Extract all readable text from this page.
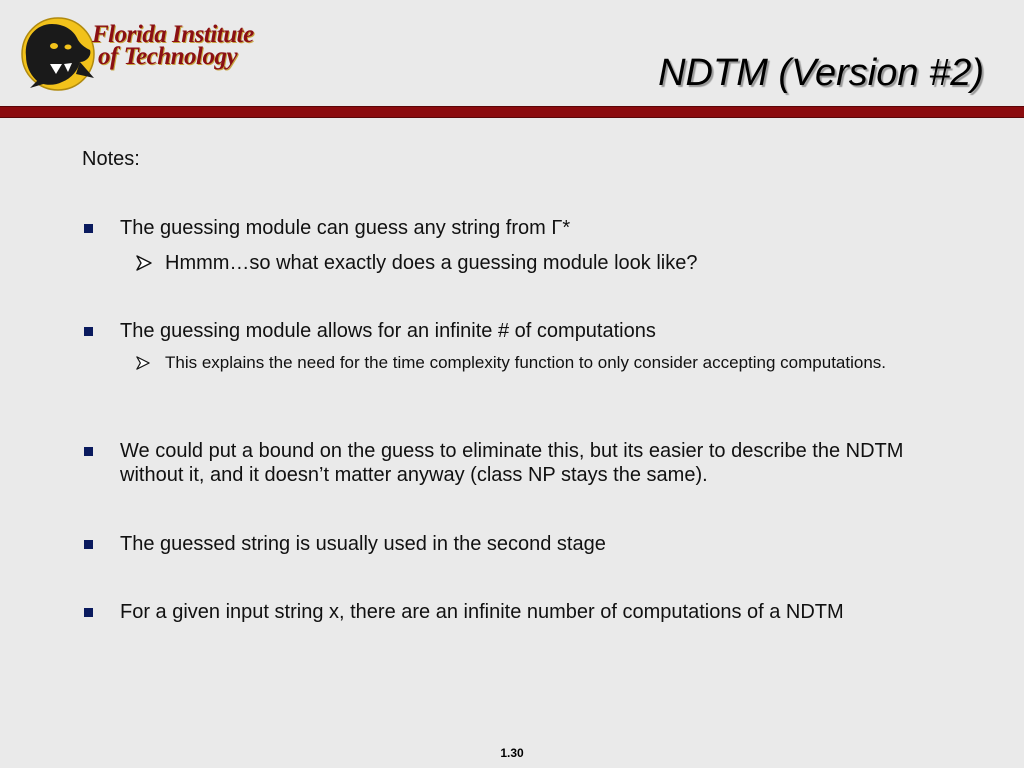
Florida Institute
of Technology	NDTM (Version #2)
Notes:
The guessing module can guess any string from Γ*
Hmmm…so what exactly does a guessing module look like?
The guessing module allows for an infinite # of computations
This explains the need for the time complexity function to only consider accepting computations.
We could put a bound on the guess to eliminate this, but its easier to describe the NDTM without it, and it doesn’t matter anyway (class NP stays the same).
The guessed string is usually used in the second stage
For a given input string x, there are an infinite number of computations of a NDTM
1.30
